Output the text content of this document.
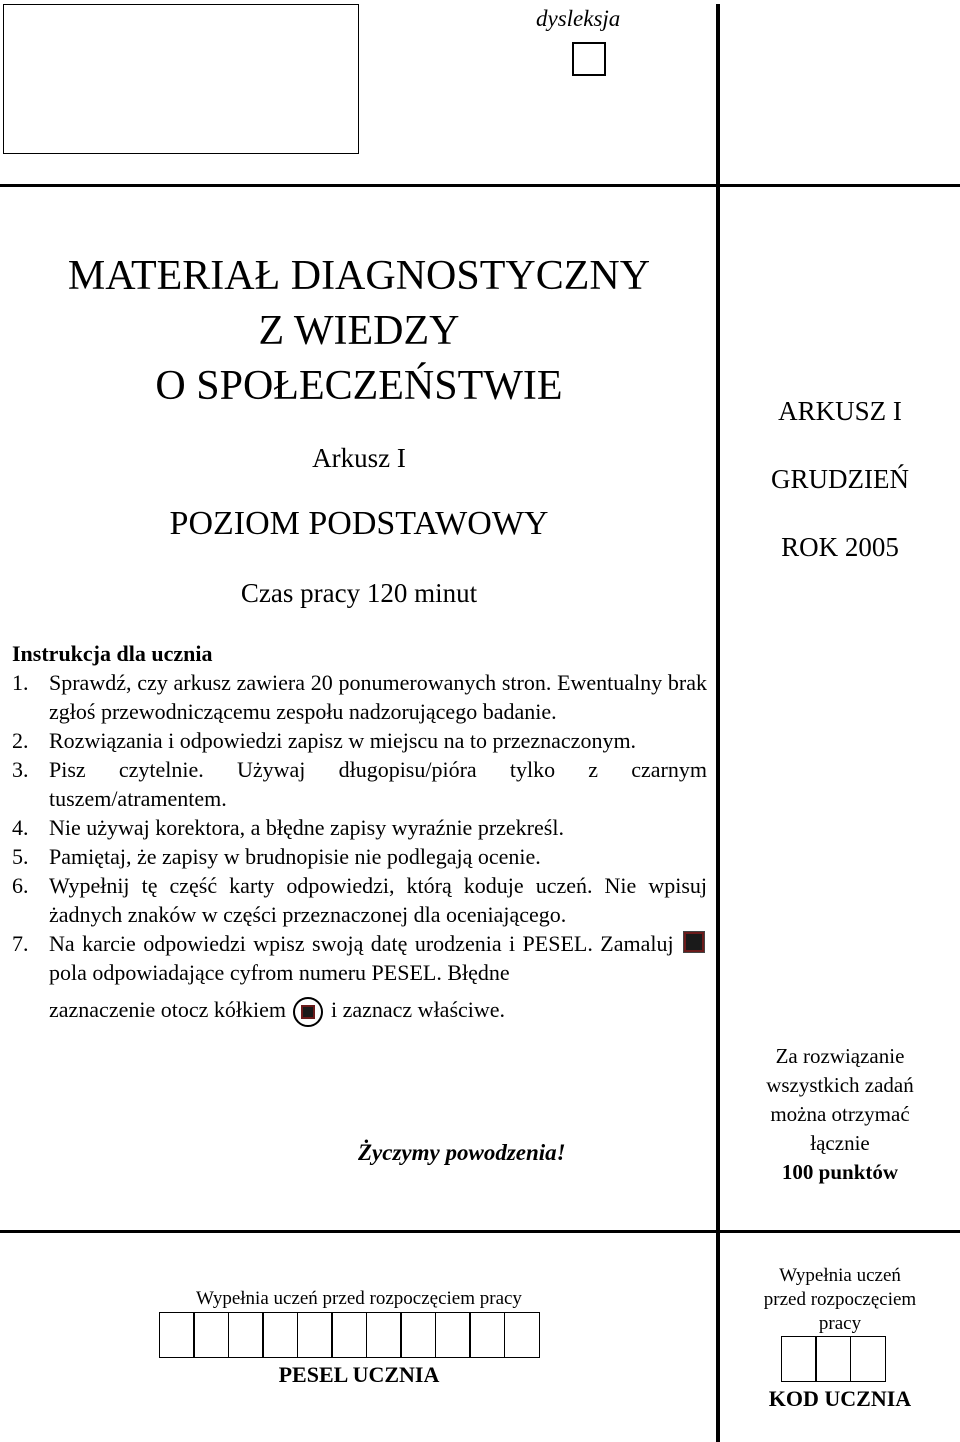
dysleksja
MATERIAŁ DIAGNOSTYCZNY
Z WIEDZY
O SPOŁECZEŃSTWIE
Arkusz I
POZIOM PODSTAWOWY
Czas pracy 120 minut
ARKUSZ I
GRUDZIEŃ
ROK 2005
Instrukcja dla ucznia
1. Sprawdź, czy arkusz zawiera 20 ponumerowanych stron. Ewentualny brak zgłoś przewodniczącemu zespołu nadzorującego badanie.
2. Rozwiązania i odpowiedzi zapisz w miejscu na to przeznaczonym.
3. Pisz czytelnie. Używaj długopisu/pióra tylko z czarnym tuszem/atramentem.
4. Nie używaj korektora, a błędne zapisy wyraźnie przekreśl.
5. Pamiętaj, że zapisy w brudnopisie nie podlegają ocenie.
6. Wypełnij tę część karty odpowiedzi, którą koduje uczeń. Nie wpisuj żadnych znaków w części przeznaczonej dla oceniającego.
7. Na karcie odpowiedzi wpisz swoją datę urodzenia i PESEL. Zamaluj  pola odpowiadające cyfrom numeru PESEL. Błędne
zaznaczenie otocz kółkiem i zaznacz właściwe.
Życzymy powodzenia!
Za rozwiązanie
wszystkich zadań
można otrzymać
łącznie
100 punktów
Wypełnia uczeń przed rozpoczęciem pracy
PESEL UCZNIA
Wypełnia uczeń
przed rozpoczęciem
pracy
KOD UCZNIA
